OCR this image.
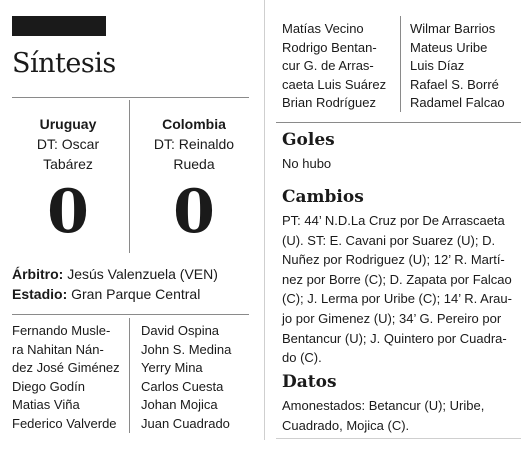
Síntesis
Uruguay
DT: Oscar
Tabárez
Colombia
DT: Reinaldo
Rueda
0	0
Árbitro: Jesús Valenzuela (VEN)
Estadio: Gran Parque Central
Fernando Musle-
ra Nahitan Nán-
dez José Giménez
Diego Godín
Matias Viña
Federico Valverde
David Ospina
John S. Medina
Yerry Mina
Carlos Cuesta
Johan Mojica
Juan Cuadrado
Matías Vecino
Rodrigo Bentan-
cur G. de Arras-
caeta Luis Suárez
Brian Rodríguez
Wilmar Barrios
Mateus Uribe
Luis Díaz
Rafael S. Borré
Radamel Falcao
Goles
No hubo
Cambios
PT: 44’ N.D.La Cruz por De Arrascaeta
(U). ST: E. Cavani por Suarez (U); D.
Nuñez por Rodriguez (U); 12’ R. Martí-
nez por Borre (C); D. Zapata por Falcao
(C); J. Lerma por Uribe (C); 14’ R. Arau-
jo por Gimenez (U); 34’ G. Pereiro por
Bentancur (U); J. Quintero por Cuadra-
do (C).
Datos
Amonestados: Betancur (U); Uribe,
Cuadrado, Mojica (C).
